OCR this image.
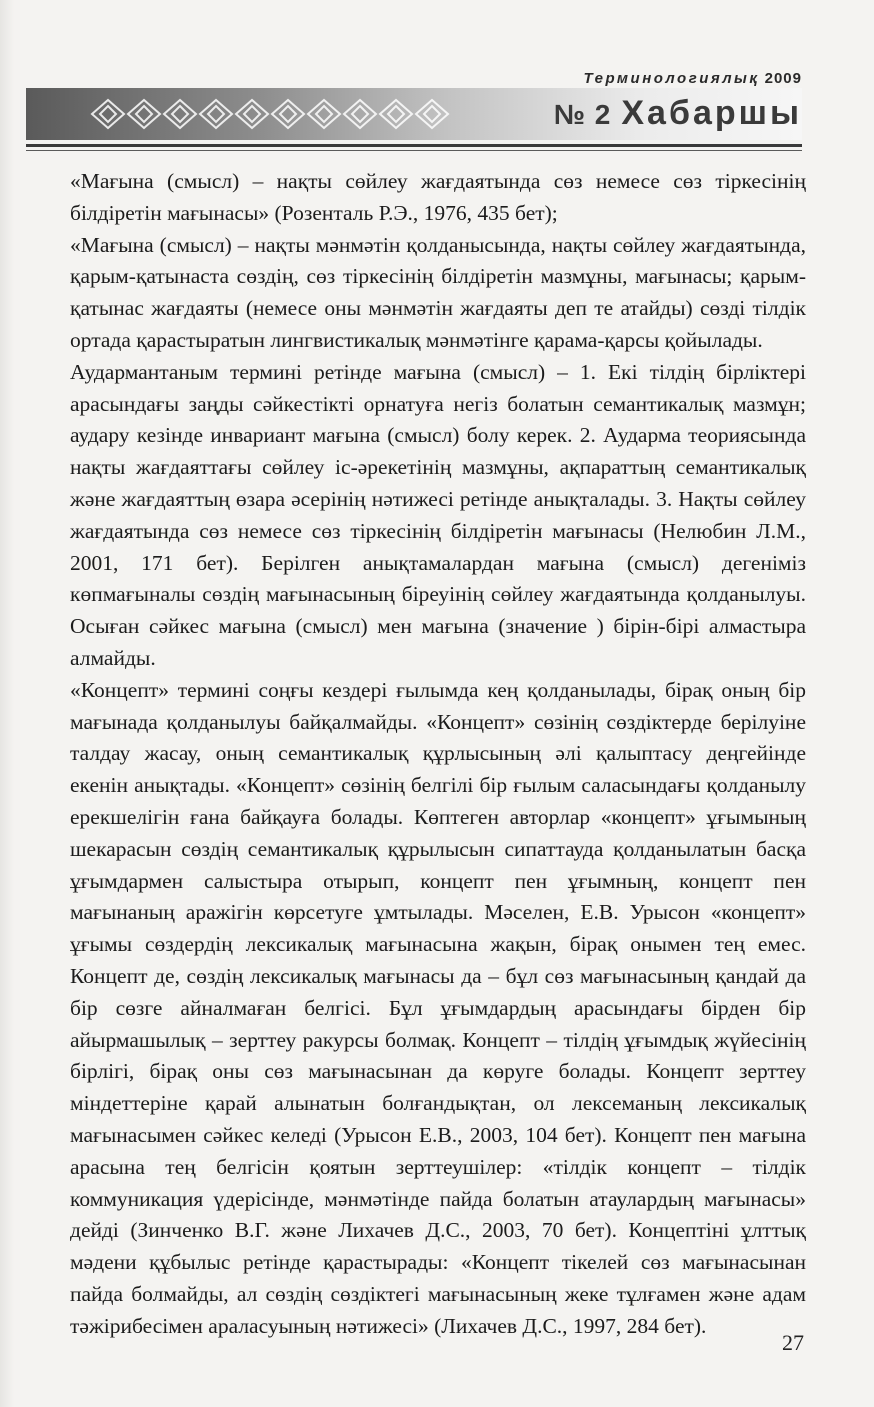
Терминологиялық 2009
№ 2 Хабаршы

«Мағына (смысл) – нақты сөйлеу жағдаятында сөз немесе сөз тіркесінің білдіретін мағынасы» (Розенталь Р.Э., 1976, 435 бет);

«Мағына (смысл) – нақты мәнмәтін қолданысында, нақты сөйлеу жағдаятында, қарым-қатынаста сөздің, сөз тіркесінің білдіретін мазмұны, мағынасы; қарым-қатынас жағдаяты (немесе оны мәнмәтін жағдаяты деп те атайды) сөзді тілдік ортада қарастыратын лингвистикалық мәнмәтінге қарама-қарсы қойылады.

Аудармантаным термині ретінде мағына (смысл) – 1. Екі тілдің бірліктері арасындағы заңды сәйкестікті орнатуға негіз болатын семантикалық мазмұн; аудару кезінде инвариант мағына (смысл) болу керек. 2. Аударма теориясында нақты жағдаяттағы сөйлеу іс-әрекетінің мазмұны, ақпараттың семантикалық және жағдаяттың өзара әсерінің нәтижесі ретінде анықталады. 3. Нақты сөйлеу жағдаятында сөз немесе сөз тіркесінің білдіретін мағынасы (Нелюбин Л.М., 2001, 171 бет). Берілген анықтамалардан мағына (смысл) дегеніміз көпмағыналы сөздің мағынасының біреуінің сөйлеу жағдаятында қолданылуы. Осыған сәйкес мағына (смысл) мен мағына (значение ) бірін-бірі алмастыра алмайды.

«Концепт» термині соңғы кездері ғылымда кең қолданылады, бірақ оның бір мағынада қолданылуы байқалмайды. «Концепт» сөзінің сөздіктерде берілуіне талдау жасау, оның семантикалық құрлысының әлі қалыптасу деңгейінде екенін анықтады. «Концепт» сөзінің белгілі бір ғылым саласындағы қолданылу ерекшелігін ғана байқауға болады. Көптеген авторлар «концепт» ұғымының шекарасын сөздің семантикалық құрылысын сипаттауда қолданылатын басқа ұғымдармен салыстыра отырып, концепт пен ұғымның, концепт пен мағынаның аражігін көрсетуге ұмтылады. Мәселен, Е.В. Урысон «концепт» ұғымы сөздердің лексикалық мағынасына жақын, бірақ онымен тең емес. Концепт де, сөздің лексикалық мағынасы да – бұл сөз мағынасының қандай да бір сөзге айналмаған белгісі. Бұл ұғымдардың арасындағы бірден бір айырмашылық – зерттеу ракурсы болмақ. Концепт – тілдің ұғымдық жүйесінің бірлігі, бірақ оны сөз мағынасынан да көруге болады. Концепт зерттеу міндеттеріне қарай алынатын болғандықтан, ол лексеманың лексикалық мағынасымен сәйкес келеді (Урысон Е.В., 2003, 104 бет). Концепт пен мағына арасына тең белгісін қоятын зерттеушілер: «тілдік концепт – тілдік коммуникация үдерісінде, мәнмәтінде пайда болатын атаулардың мағынасы» дейді (Зинченко В.Г. және Лихачев Д.С., 2003, 70 бет). Концептіні ұлттық мәдени құбылыс ретінде қарастырады: «Концепт тікелей сөз мағынасынан пайда болмайды, ал сөздің сөздіктегі мағынасының жеке тұлғамен және адам тәжірибесімен араласуының нәтижесі» (Лихачев Д.С., 1997, 284 бет).

27
